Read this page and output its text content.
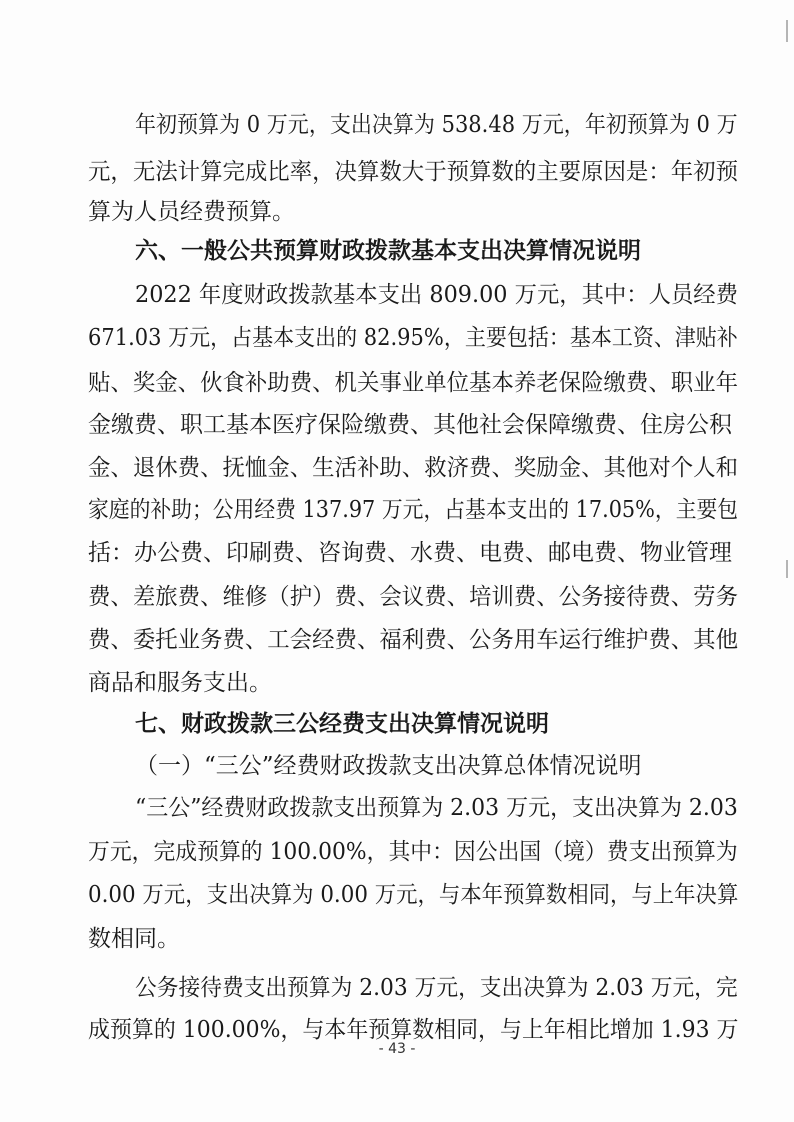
年初预算为 0 万元，支出决算为 538.48 万元，年初预算为 0 万
元，无法计算完成比率，决算数大于预算数的主要原因是：年初预
算为人员经费预算。
六、一般公共预算财政拨款基本支出决算情况说明
2022 年度财政拨款基本支出 809.00 万元，其中：人员经费
671.03 万元，占基本支出的 82.95%，主要包括：基本工资、津贴补
贴、奖金、伙食补助费、机关事业单位基本养老保险缴费、职业年
金缴费、职工基本医疗保险缴费、其他社会保障缴费、住房公积
金、退休费、抚恤金、生活补助、救济费、奖励金、其他对个人和
家庭的补助；公用经费 137.97 万元，占基本支出的 17.05%，主要包
括：办公费、印刷费、咨询费、水费、电费、邮电费、物业管理
费、差旅费、维修（护）费、会议费、培训费、公务接待费、劳务
费、委托业务费、工会经费、福利费、公务用车运行维护费、其他
商品和服务支出。
七、财政拨款三公经费支出决算情况说明
（一）“三公”经费财政拨款支出决算总体情况说明
“三公”经费财政拨款支出预算为 2.03 万元，支出决算为 2.03
万元，完成预算的 100.00%，其中：因公出国（境）费支出预算为
0.00 万元，支出决算为 0.00 万元，与本年预算数相同，与上年决算
数相同。
公务接待费支出预算为 2.03 万元，支出决算为 2.03 万元，完
成预算的 100.00%，与本年预算数相同，与上年相比增加 1.93 万
- 43 -
